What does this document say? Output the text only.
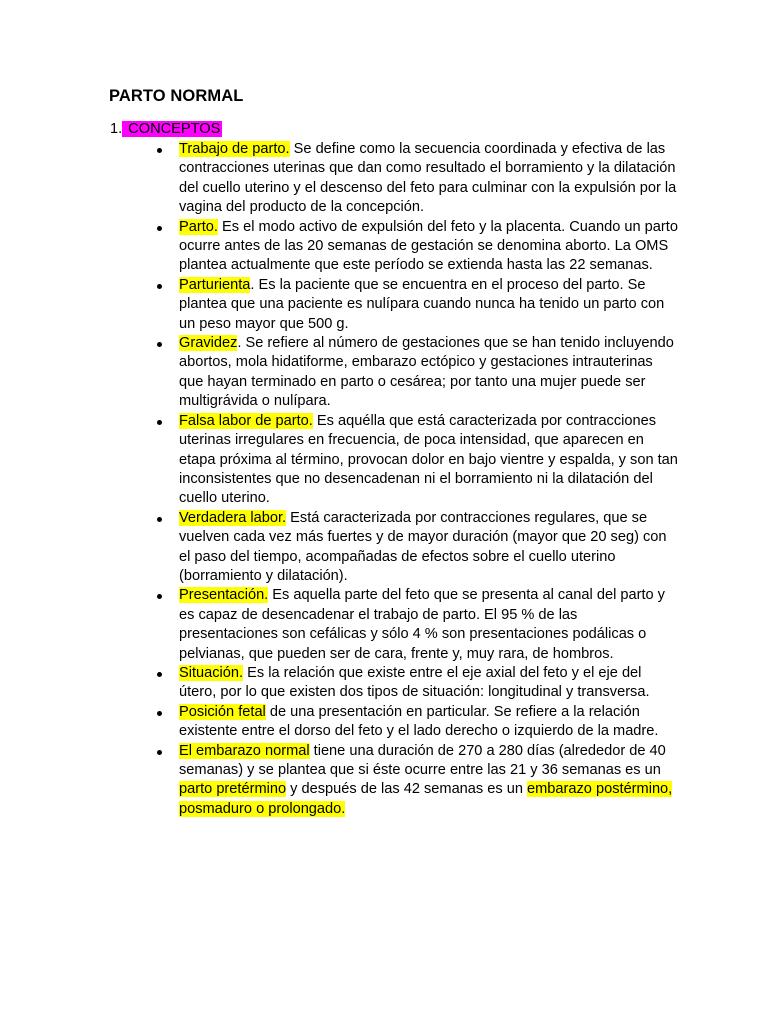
PARTO NORMAL
1. CONCEPTOS
Trabajo de parto. Se define como la secuencia coordinada y efectiva de las contracciones uterinas que dan como resultado el borramiento y la dilatación del cuello uterino y el descenso del feto para culminar con la expulsión por la vagina del producto de la concepción.
Parto. Es el modo activo de expulsión del feto y la placenta. Cuando un parto ocurre antes de las 20 semanas de gestación se denomina aborto. La OMS plantea actualmente que este período se extienda hasta las 22 semanas.
Parturienta. Es la paciente que se encuentra en el proceso del parto. Se plantea que una paciente es nulípara cuando nunca ha tenido un parto con un peso mayor que 500 g.
Gravidez. Se refiere al número de gestaciones que se han tenido incluyendo abortos, mola hidatiforme, embarazo ectópico y gestaciones intrauterinas que hayan terminado en parto o cesárea; por tanto una mujer puede ser multigrávida o nulípara.
Falsa labor de parto. Es aquélla que está caracterizada por contracciones uterinas irregulares en frecuencia, de poca intensidad, que aparecen en etapa próxima al término, provocan dolor en bajo vientre y espalda, y son tan inconsistentes que no desencadenan ni el borramiento ni la dilatación del cuello uterino.
Verdadera labor. Está caracterizada por contracciones regulares, que se vuelven cada vez más fuertes y de mayor duración (mayor que 20 seg) con el paso del tiempo, acompañadas de efectos sobre el cuello uterino (borramiento y dilatación).
Presentación. Es aquella parte del feto que se presenta al canal del parto y es capaz de desencadenar el trabajo de parto. El 95 % de las presentaciones son cefálicas y sólo 4 % son presentaciones podálicas o pelvianas, que pueden ser de cara, frente y, muy rara, de hombros.
Situación. Es la relación que existe entre el eje axial del feto y el eje del útero, por lo que existen dos tipos de situación: longitudinal y transversa.
Posición fetal de una presentación en particular. Se refiere a la relación existente entre el dorso del feto y el lado derecho o izquierdo de la madre.
El embarazo normal tiene una duración de 270 a 280 días (alrededor de 40 semanas) y se plantea que si éste ocurre entre las 21 y 36 semanas es un parto pretérmino y después de las 42 semanas es un embarazo postérmino, posmaduro o prolongado.
